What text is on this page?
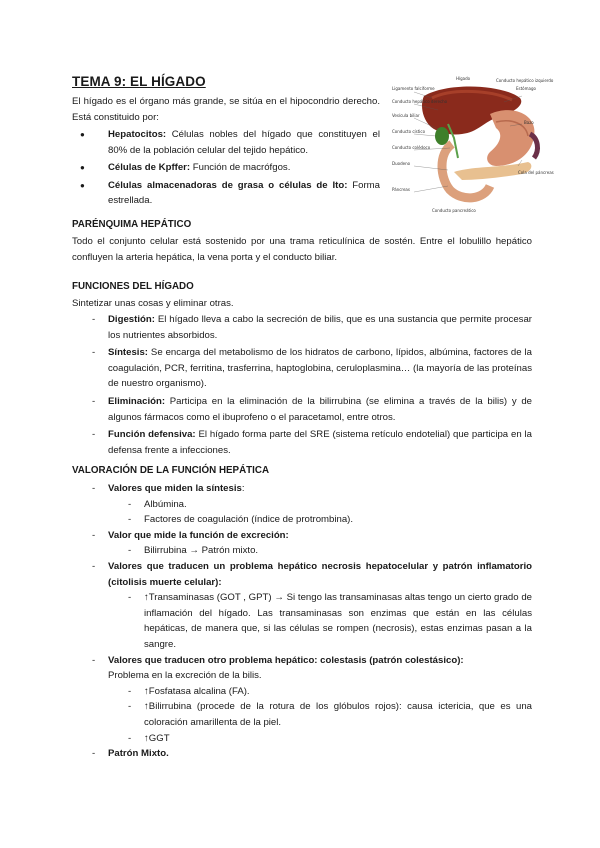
TEMA 9: EL HÍGADO
El hígado es el órgano más grande, se sitúa en el hipocondrio derecho. Está constituido por:
● Hepatocitos: Células nobles del hígado que constituyen el 80% de la población celular del tejido hepático.
● Células de Kpffer: Función de macrófgos.
● Células almacenadoras de grasa o células de Ito: Forma estrellada.
Hígado
Ligamento falciforme
Conducto hepático derecho
Vesícula biliar
Conducto cístico
Conducto colédoco
Duodeno
Páncreas
Estómago
Bazo
Conducto hepático izquierdo
Cola del páncreas
Conducto pancreático
PARÉNQUIMA HEPÁTICO
Todo el conjunto celular está sostenido por una trama reticulínica de sostén. Entre el lobulillo hepático confluyen la arteria hepática, la vena porta y el conducto biliar.
FUNCIONES DEL HÍGADO
Sintetizar unas cosas y eliminar otras.
- Digestión: El hígado lleva a cabo la secreción de bilis, que es una sustancia que permite procesar los nutrientes absorbidos.
- Síntesis: Se encarga del metabolismo de los hidratos de carbono, lípidos, albúmina, factores de la coagulación, PCR, ferritina, trasferrina, haptoglobina, ceruloplasmina… (la mayoría de las proteínas de nuestro organismo).
- Eliminación: Participa en la eliminación de la bilirrubina (se elimina a través de la bilis) y de algunos fármacos como el ibuprofeno o el paracetamol, entre otros.
- Función defensiva: El hígado forma parte del SRE (sistema retículo endotelial) que participa en la defensa frente a infecciones.
VALORACIÓN DE LA FUNCIÓN HEPÁTICA
- Valores que miden la síntesis:
- Albúmina.
- Factores de coagulación (índice de protrombina).
- Valor que mide la función de excreción:
- Bilirrubina → Patrón mixto.
- Valores que traducen un problema hepático necrosis hepatocelular y patrón inflamatorio (citolisis muerte celular):
- ↑Transaminasas (GOT , GPT) → Si tengo las transaminasas altas tengo un cierto grado de inflamación del hígado. Las transaminasas son enzimas que están en las células hepáticas, de manera que, si las células se rompen (necrosis), estas enzimas pasan a la sangre.
- Valores que traducen otro problema hepático: colestasis (patrón colestásico):
Problema en la excreción de la bilis.
- ↑Fosfatasa alcalina (FA).
- ↑Bilirrubina (procede de la rotura de los glóbulos rojos): causa ictericia, que es una coloración amarillenta de la piel.
- ↑GGT
- Patrón Mixto.
